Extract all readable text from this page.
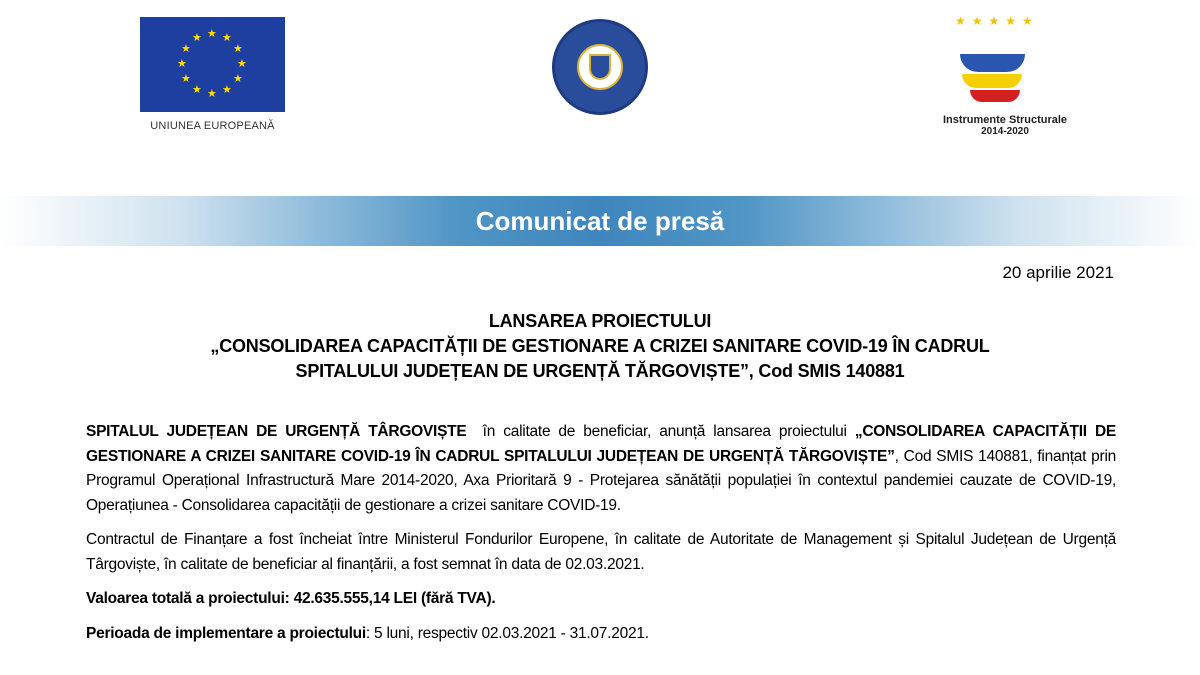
★ ★
★
★
★
★
★
★
★
★
★
★
UNIUNEA EUROPEANĂ
★★★★★
Instrumente Structurale
2014-2020
Comunicat de presă
20 aprilie 2021
LANSAREA PROIECTULUI
„CONSOLIDAREA CAPACITĂȚII DE GESTIONARE A CRIZEI SANITARE COVID-19 ÎN CADRUL
SPITALULUI JUDEȚEAN DE URGENȚĂ TĂRGOVIȘTE”, Cod SMIS 140881

SPITALUL JUDEȚEAN DE URGENȚĂ TÂRGOVIȘTE  în calitate de beneficiar, anunță lansarea proiectului „CONSOLIDAREA CAPACITĂȚII DE GESTIONARE A CRIZEI SANITARE COVID-19 ÎN CADRUL SPITALULUI JUDEȚEAN DE URGENȚĂ TĂRGOVIȘTE”, Cod SMIS 140881, finanțat prin Programul Operațional Infrastructură Mare 2014-2020, Axa Prioritară 9 - Protejarea sănătății populației în contextul pandemiei cauzate de COVID-19, Operațiunea - Consolidarea capacității de gestionare a crizei sanitare COVID-19.

Contractul de Finanțare a fost încheiat între Ministerul Fondurilor Europene, în calitate de Autoritate de Management și Spitalul Județean de Urgență Târgoviște, în calitate de beneficiar al finanțării, a fost semnat în data de 02.03.2021.

Valoarea totală a proiectului: 42.635.555,14 LEI (fără TVA).

Perioada de implementare a proiectului: 5 luni, respectiv 02.03.2021 - 31.07.2021.
